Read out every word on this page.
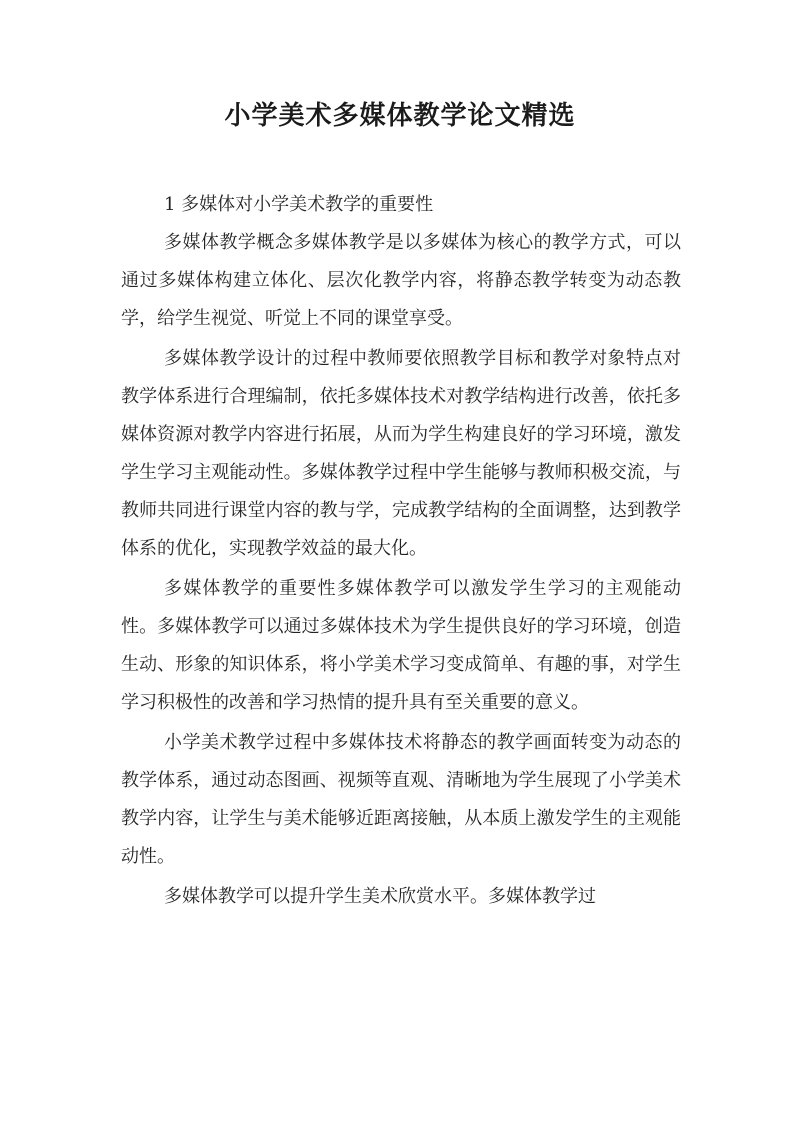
小学美术多媒体教学论文精选

1 多媒体对小学美术教学的重要性

多媒体教学概念多媒体教学是以多媒体为核心的教学方式，可以通过多媒体构建立体化、层次化教学内容，将静态教学转变为动态教学，给学生视觉、听觉上不同的课堂享受。

多媒体教学设计的过程中教师要依照教学目标和教学对象特点对教学体系进行合理编制，依托多媒体技术对教学结构进行改善，依托多媒体资源对教学内容进行拓展，从而为学生构建良好的学习环境，激发学生学习主观能动性。多媒体教学过程中学生能够与教师积极交流，与教师共同进行课堂内容的教与学，完成教学结构的全面调整，达到教学体系的优化，实现教学效益的最大化。

多媒体教学的重要性多媒体教学可以激发学生学习的主观能动性。多媒体教学可以通过多媒体技术为学生提供良好的学习环境，创造生动、形象的知识体系，将小学美术学习变成简单、有趣的事，对学生学习积极性的改善和学习热情的提升具有至关重要的意义。

小学美术教学过程中多媒体技术将静态的教学画面转变为动态的教学体系，通过动态图画、视频等直观、清晰地为学生展现了小学美术教学内容，让学生与美术能够近距离接触，从本质上激发学生的主观能动性。

多媒体教学可以提升学生美术欣赏水平。多媒体教学过
